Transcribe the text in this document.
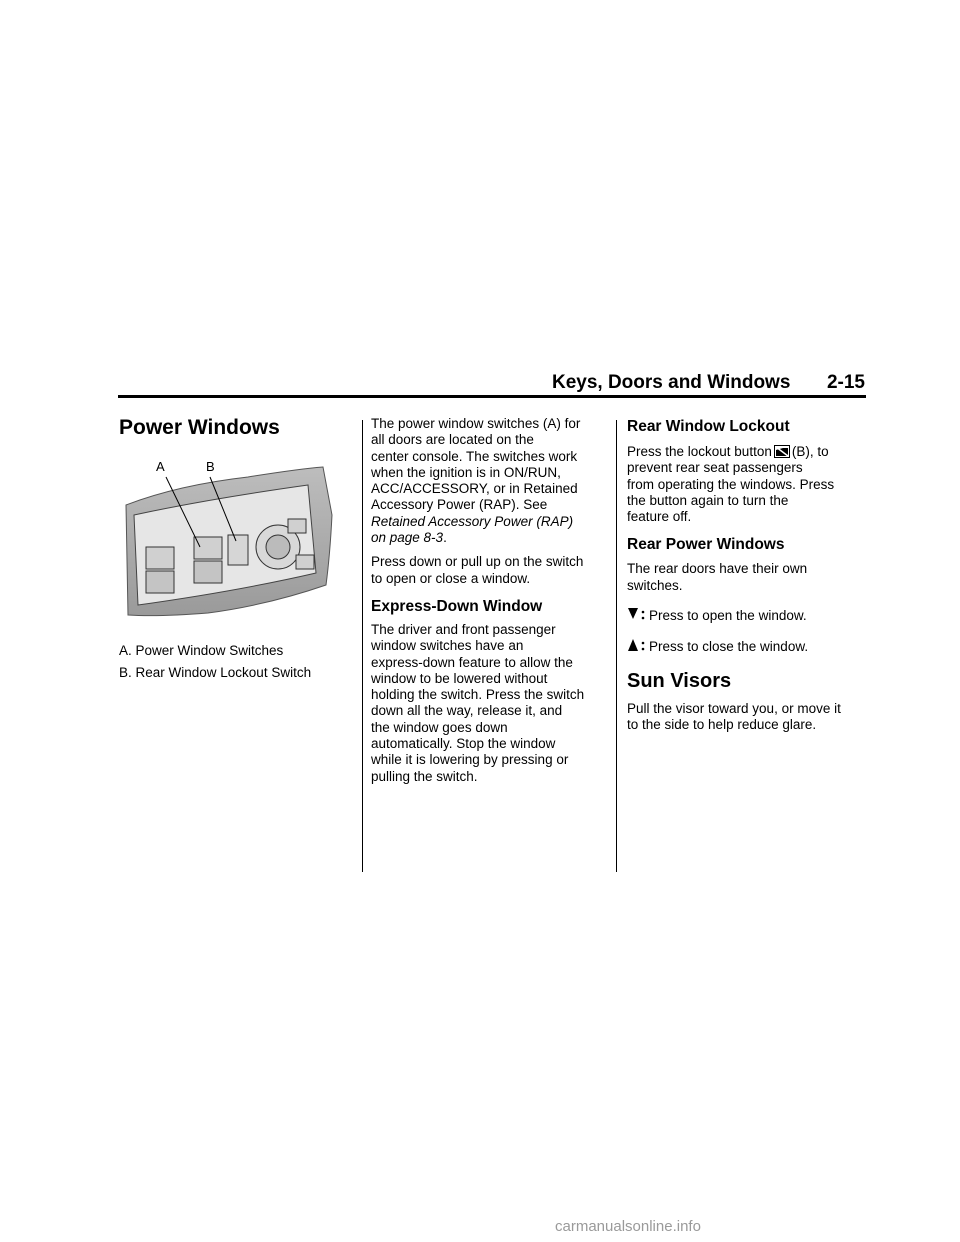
Keys, Doors and Windows 2-15
Power Windows
A	B
A. Power Window Switches
B. Rear Window Lockout Switch

The power window switches (A) for
all doors are located on the
center console. The switches work
when the ignition is in ON/RUN,
ACC/ACCESSORY, or in Retained
Accessory Power (RAP). See
Retained Accessory Power (RAP)
on page 8-3.

Press down or pull up on the switch
to open or close a window.

Express-Down Window

The driver and front passenger
window switches have an
express-down feature to allow the
window to be lowered without
holding the switch. Press the switch
down all the way, release it, and
the window goes down
automatically. Stop the window
while it is lowering by pressing or
pulling the switch.

Rear Window Lockout

Press the lockout button (B), to
prevent rear seat passengers
from operating the windows. Press
the button again to turn the
feature off.

Rear Power Windows

The rear doors have their own
switches.

Press to open the window.
Press to close the window.
Sun Visors

Pull the visor toward you, or move it
to the side to help reduce glare.

carmanualsonline.info
